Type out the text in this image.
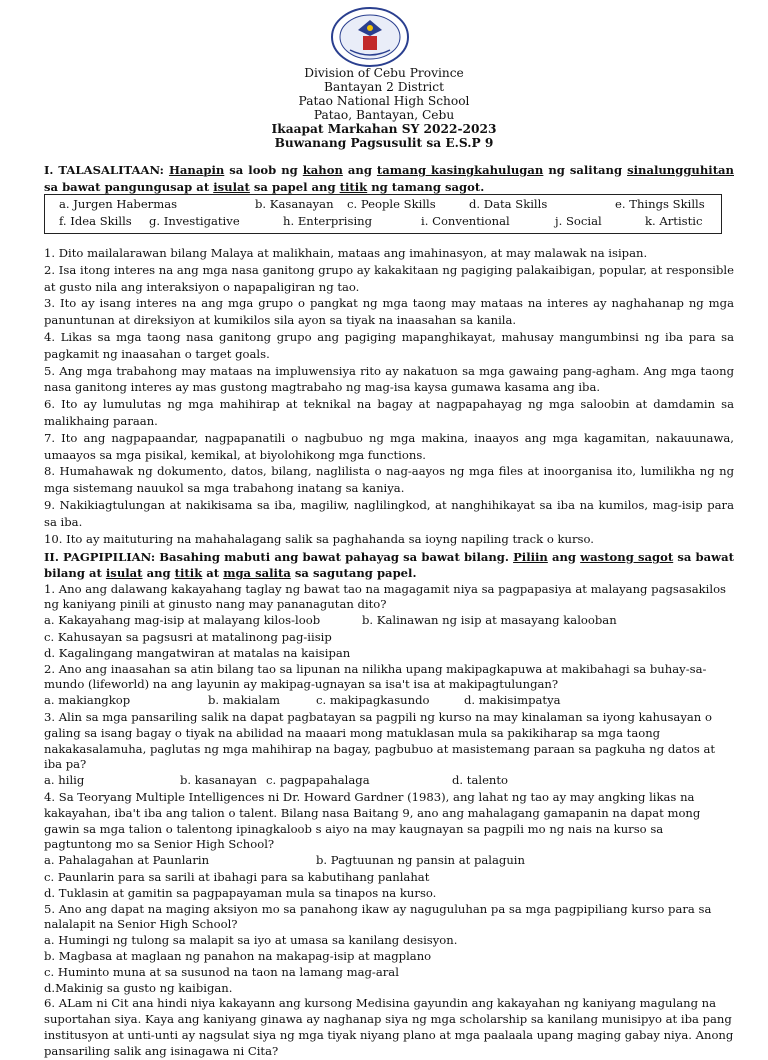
Division of Cebu Province
Bantayan 2 District
Patao National High School
Patao, Bantayan, Cebu
Ikaapat Markahan SY 2022-2023
Buwanang Pagsusulit sa E.S.P 9

I. TALASALITAAN: Hanapin sa loob ng kahon ang tamang kasingkahulugan ng salitang sinalungguhitan sa bawat pangungusap at isulat sa papel ang titik ng tamang sagot.

a. Jurgen Habermas	b. Kasanayan c. People Skills	d. Data Skills	e. Things Skills
f. Idea Skills g. Investigative	h. Enterprising	i. Conventional	j. Social	k. Artistic

1. Dito mailalarawan bilang Malaya at malikhain, mataas ang imahinasyon, at may malawak na isipan.

2. Isa itong interes na ang mga nasa ganitong grupo ay kakakitaan ng pagiging palakaibigan, popular, at responsible at gusto nila ang interaksiyon o napapaligiran ng tao.

3. Ito ay isang interes na ang mga grupo o pangkat ng mga taong may mataas na interes ay naghahanap ng mga panuntunan at direksiyon at kumikilos sila ayon sa tiyak na inaasahan sa kanila.

4. Likas sa mga taong nasa ganitong grupo ang pagiging mapanghikayat, mahusay mangumbinsi ng iba para sa pagkamit ng inaasahan o target goals.

5. Ang mga trabahong may mataas na impluwensiya rito ay nakatuon sa mga gawaing pang-agham. Ang mga taong nasa ganitong interes ay mas gustong magtrabaho ng mag-isa kaysa gumawa kasama ang iba.

6. Ito ay lumulutas ng mga mahihirap at teknikal na bagay at nagpapahayag ng mga saloobin at damdamin sa malikhaing paraan.

7. Ito ang nagpapaandar, nagpapanatili o nagbubuo ng mga makina, inaayos ang mga kagamitan, nakauunawa, umaayos sa mga pisikal, kemikal, at biyolohikong mga functions.

8. Humahawak ng dokumento, datos, bilang, naglilista o nag-aayos ng mga files at inoorganisa ito, lumilikha ng ng mga sistemang nauukol sa mga trabahong inatang sa kaniya.

9. Nakikiagtulungan at nakikisama sa iba, magiliw, naglilingkod, at nanghihikayat sa iba na kumilos, mag-isip para sa iba.

10. Ito ay maituturing na mahahalagang salik sa paghahanda sa ioyng napiling track o kurso.

II. PAGPIPILIAN: Basahing mabuti ang bawat pahayag sa bawat bilang. Piliin ang wastong sagot sa bawat bilang at isulat ang titik at mga salita sa sagutang papel.

1. Ano ang dalawang kakayahang taglay ng bawat tao na magagamit niya sa pagpapasiya at malayang pagsasakilos ng kaniyang pinili at ginusto nang may pananagutan dito?

a. Kakayahang mag-isip at malayang kilos-loob	b. Kalinawan ng isip at masayang kalooban

c. Kahusayan sa pagsusri at matalinong pag-iisip

d. Kagalingang mangatwiran at matalas na kaisipan

2. Ano ang inaasahan sa atin bilang tao sa lipunan na nilikha upang makipagkapuwa at makibahagi sa buhay-sa-mundo (lifeworld) na ang layunin ay makipag-ugnayan sa isa't isa at makipagtulungan?

a. makiangkop	b. makialam	c. makipagkasundo	d. makisimpatya

3. Alin sa mga pansariling salik na dapat pagbatayan sa pagpili ng kurso na may kinalaman sa iyong kahusayan o galing sa isang bagay o tiyak na abilidad na maaari mong matuklasan mula sa pakikiharap sa mga taong nakakasalamuha, paglutas ng mga mahihirap na bagay, pagbubuo at masistemang paraan sa pagkuha ng datos at iba pa?

a. hilig	b. kasanayan c. pagpapahalaga	d. talento

4. Sa Teoryang Multiple Intelligences ni Dr. Howard Gardner (1983), ang lahat ng tao ay may angking likas na kakayahan, iba't iba ang talion o talent. Bilang nasa Baitang 9, ano ang mahalagang gamapanin na dapat mong gawin sa mga talion o talentong ipinagkaloob s aiyo na may kaugnayan sa pagpili mo ng nais na kurso sa pagtuntong mo sa Senior High School?

a. Pahalagahan at Paunlarin	b. Pagtuunan ng pansin at palaguin

c. Paunlarin para sa sarili at ibahagi para sa kabutihang panlahat

d. Tuklasin at gamitin sa pagpapayaman mula sa tinapos na kurso.

5. Ano ang dapat na maging aksiyon mo sa panahong ikaw ay naguguluhan pa sa mga pagpipiliang kurso para sa nalalapit na Senior High School?

a. Humingi ng tulong sa malapit sa iyo at umasa sa kanilang desisyon.

b. Magbasa at maglaan ng panahon na makapag-isip at magplano

c. Huminto muna at sa susunod na taon na lamang mag-aral

d.Makinig sa gusto ng kaibigan.

6. ALam ni Cit ana hindi niya kakayann ang kursong Medisina gayundin ang kakayahan ng kaniyang magulang na suportahan siya. Kaya ang kaniyang ginawa ay naghanap siya ng mga scholarship sa kanilang munisipyo at iba pang institusyon at unti-unti ay nagsulat siya ng mga tiyak niyang plano at mga paalaala upang maging gabay niya. Anong pansariling salik ang isinagawa ni Cita?
